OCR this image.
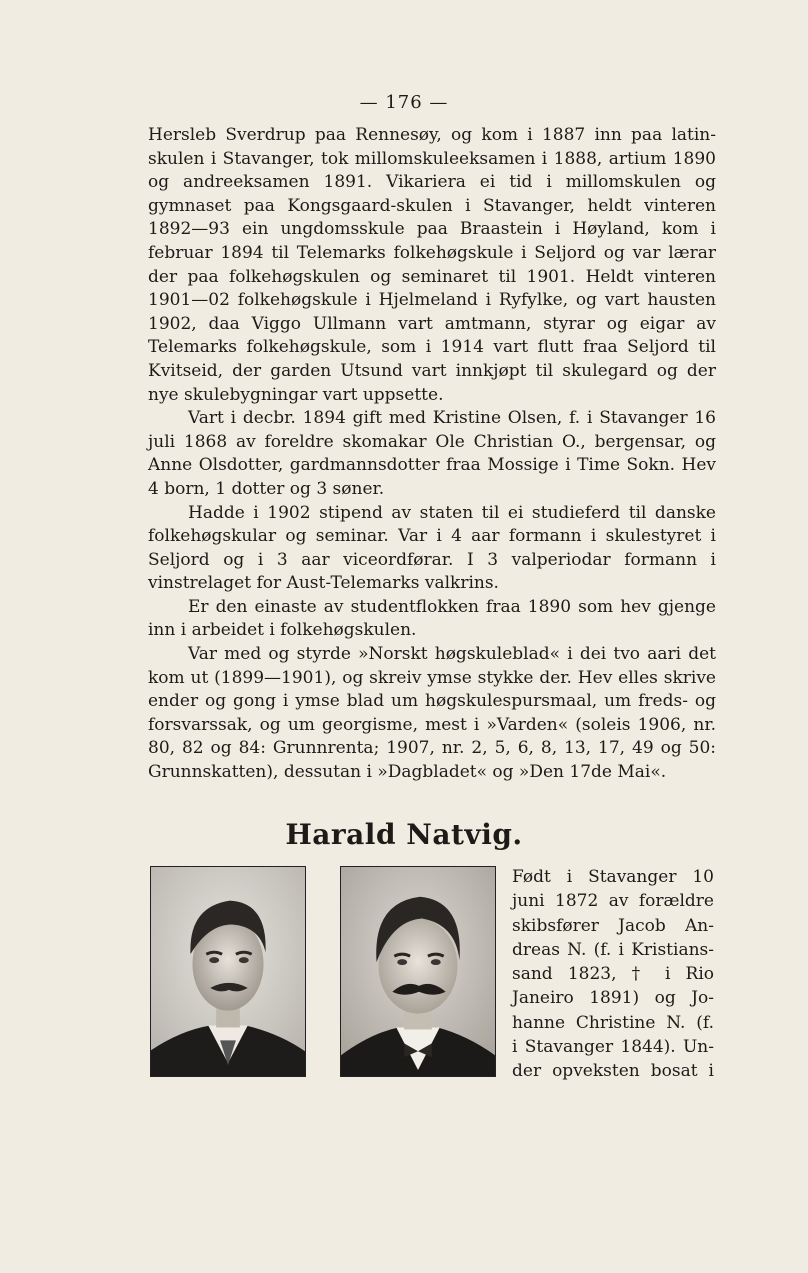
— 176 —

Hersleb Sverdrup paa Rennesøy, og kom i 1887 inn paa latinskulen i Stavanger, tok millomskuleeksamen i 1888, artium 1890 og andreeksamen 1891. Vikariera ei tid i millomskulen og gymnaset paa Kongsgaard-skulen i Stavanger, heldt vinteren 1892—93 ein ungdomsskule paa Braastein i Høyland, kom i februar 1894 til Telemarks folkehøgskule i Seljord og var lærar der paa folkehøgskulen og seminaret til 1901. Heldt vinteren 1901—02 folkehøgskule i Hjelmeland i Ryfylke, og vart hausten 1902, daa Viggo Ullmann vart amtmann, styrar og eigar av Telemarks folkehøgskule, som i 1914 vart flutt fraa Seljord til Kvitseid, der garden Utsund vart innkjøpt til skulegard og der nye skulebygningar vart uppsette.

Vart i decbr. 1894 gift med Kristine Olsen, f. i Stavanger 16 juli 1868 av foreldre skomakar Ole Christian O., bergensar, og Anne Olsdotter, gardmannsdotter fraa Mossige i Time Sokn. Hev 4 born, 1 dotter og 3 søner.

Hadde i 1902 stipend av staten til ei studieferd til danske folkehøgskular og seminar. Var i 4 aar formann i skulestyret i Seljord og i 3 aar viceordførar. I 3 valperiodar formann i vinstrelaget for Aust-Telemarks valkrins.

Er den einaste av studentflokken fraa 1890 som hev gjenge inn i arbeidet i folkehøgskulen.

Var med og styrde »Norskt høgskuleblad« i dei tvo aari det kom ut (1899—1901), og skreiv ymse stykke der. Hev elles skrive ender og gong i ymse blad um høgskulespursmaal, um freds- og forsvarssak, og um georgisme, mest i »Varden« (soleis 1906, nr. 80, 82 og 84: Grunnrenta; 1907, nr. 2, 5, 6, 8, 13, 17, 49 og 50: Grunnskatten), dessutan i »Dagbladet« og »Den 17de Mai«.

Harald Natvig.
Født i Stavanger 10
juni 1872 av forældre
skibsfører Jacob An-
dreas N. (f. i Kristians-
sand 1823, † i Rio
Janeiro 1891) og Jo-
hanne Christine N. (f.
i Stavanger 1844). Un-
der opveksten bosat i
